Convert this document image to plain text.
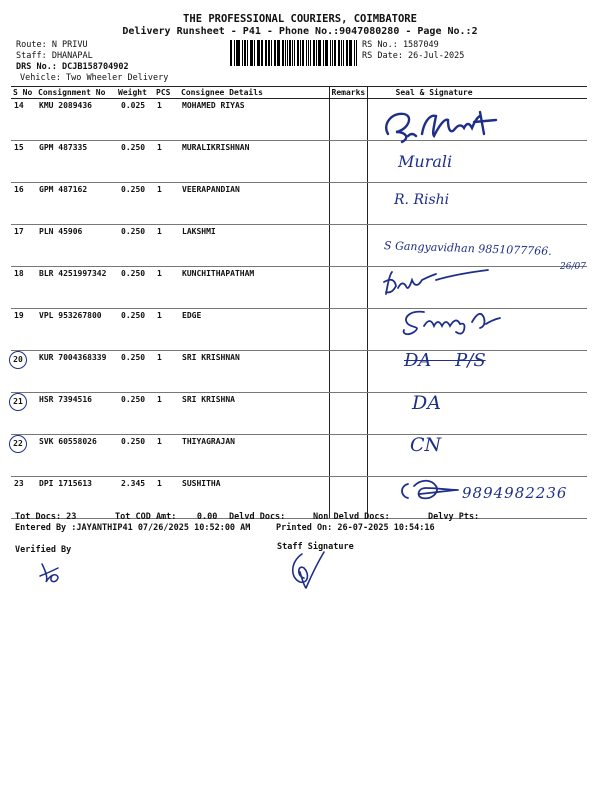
THE PROFESSIONAL COURIERS, COIMBATORE
Delivery Runsheet - P41 - Phone No.:9047080280 - Page No.:2
Route: N PRIVU
Staff: DHANAPAL
DRS No.: DCJB158704902
Vehicle: Two Wheeler Delivery
RS No.: 1587049
RS Date: 26-Jul-2025
S No	Consignment No	Weight	PCS	Consignee Details	Remarks	Seal & Signature
14	KMU 2089436	0.025	1	MOHAMED RIYAS		
15	GPM 487335	0.250	1	MURALIKRISHNAN		
16	GPM 487162	0.250	1	VEERAPANDIAN		
17	PLN 45906	0.250	1	LAKSHMI		
18	BLR 4251997342	0.250	1	KUNCHITHAPATHAM		
19	VPL 953267800	0.250	1	EDGE		
20	KUR 7004368339	0.250	1	SRI KRISHNAN		
21	HSR 7394516	0.250	1	SRI KRISHNA		
22	SVK 60558026	0.250	1	THIYAGRAJAN		
23	DPI 1715613	2.345	1	SUSHITHA		
Murali
R. Rishi
S Gangyavidhan 9851077766.
26/07
DA P/S
DA
CN
9894982236
Tot Docs: 23	Tot COD Amt:    0.00 Delvd Docs:	Non Delvd Docs:	Delvy Pts:
Entered By :JAYANTHIP41 07/26/2025 10:52:00 AM	Printed On: 26-07-2025 10:54:16
Verified By	Staff Signature
